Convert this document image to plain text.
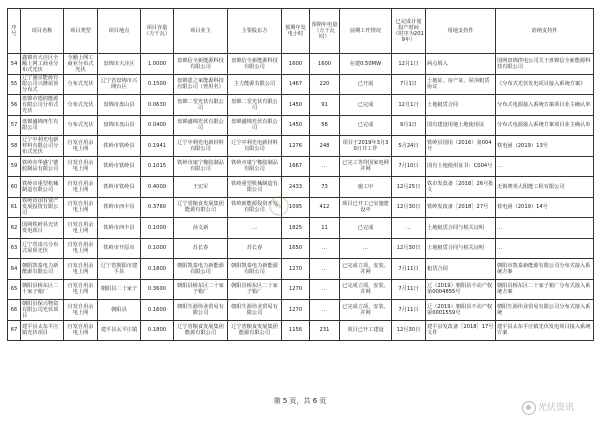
序号	项目名称	项目类型	项目地点	项目容量（万千瓦）	项目业主	主要股东方	预期年发电小时	预期年电量（万千瓦时）	前期工作情况	已完成计划投产时间（时序为2019年）	用地支持件	消纳支持件
54	鑫锦市大洼区全额上网工商业分布式光伏	全额上网工商业分布式光伏	盘锦市大洼区	1.0000	盘锦信全新能源科技有限公司	盘锦信全新能源科技有限公司	1600	1600	在建0.50MW	12月1日	两点填入	国网盘锦供电公司关于盘锦信全新能源科技有限公司
55	辽宁盛京能源有限公司兴隆屋顶分布式	分布式光伏	辽宁省盘锦市兴隆台区	0.1500	盘锦恩之家能源科技有限公司（曾用名）	主力能源有限公司	1467	220	已开展	7月1日	土地证、房产证、屋顶租赁协议	《分布式光伏发电项目接入系统方案》
56	盘锦市德润能源有限公司分布式光伏	分布式光伏	盘锦市盘山县	0.0630	盘锦二堂光伏有限公司	盘锦二堂光伏有限公司	1450	91	已完成	12月1日	土地租赁合同	分布式电源接入系统方案项目业主确认单
57	盘锦盛锦再生有限公司	分布式光伏	盘锦市盘山县	0.0400	盘锦盛锦光伏有限公司	盘锦盛锦光伏有限公司	1450	58	已完成	9月1日	国有建设用地土地使用证	分布式电源接入系统方案项目业主确认单
58	辽宁中利光电新材料有限公司分布式光伏	自发自用余电上网	铁岭市铁岭县	0.1941	辽宁中利光电新材料有限公司	辽宁中利光电新材料有限公司	1276	248	项目于2019年3月30日并工作	5月24日	铁岭县国用（2016）第004号	铁电函（2019）13号
59	铁岭市华盛宁德胶制品有限公司	自发自用余电上网	铁岭市铁岭县	0.1015	铁岭市康宁橡胶制品有限公司	铁岭市康宁橡胶制品有限公司	1667	…	已完工等待国家电网并网	7月10日	国有土地使用证书：C004号	…
60	铁岭市重型机械制造有限公司	自发自用余电上网	铁岭市铁岭县	0.4000	王宏军	铁岭重型机械制造有限公司	2433	73	施工中	12月25日	铁市发改备［2018］26号批文	无锡赛英大阳能工程有限公司
61	铁岭市国有资产发展投资有限公司	自发自用余电上网	铁岭市西丰县	0.3760	辽宁省粮食发展集团能源有限公司	铁岭新能源投资开发有限公司	1095	412	项目已开工已实施建设中	12月30日	铁岭发改备［2018］27号	铁电函（2019）14号
62	国网铁岭县光伏发电项目	自发自用余电上网	铁岭市西丰县	0.1000	孙文新	…	1825	11	已完成	…	土地租赁合同与相关证明	…
63	辽宁省凌兴分布式屋顶光伏	自发自用余电上网	铁岭市开原市	0.1000	苏长春	苏长春	1650	…	…	12月30日	土地租赁合同与相关证明	…
64	朝阳凯泰电力新能源有限公司	自发自用余电上网	辽宁省朝阳市建平县	0.1800	朝阳凯泰电力新能源有限公司	朝阳凯泰电力新能源有限公司	1270	…	已完成立项，安装、并网	7月11日	租赁合同	朝阳市凯泰新能源有限公司分布式接入系统方案
65	朝阳县桥东区二十家子箱厂	自发自用余电上网	朝阳县二十家子	0.3600	朝阳县桥东区二十家子箱厂	朝阳县桥东区二十家子箱厂	1270	…	已完成立项，安装、并网	7月11日	辽（2019）朝阳县不动产权第0004855号	朝阳县桥东区二十家子箱厂分布式接入系统方案
66	朝阳县保兴物资有限公司光伏项目	自发自用余电上网	朝阳县	0.1600	朝阳生源伟业贸易有限公司	朝阳生源伟业贸易有限公司	1270	…	已完成立项，安装、并网	7月11日	辽（2019）朝阳县不动产权第0001559号	朝阳生源伟业贸易有限公司分布式接入系统
67	建平县太东平庄镇光伏项目	自发自用余电上网	建平县太平庄镇	0.1800	辽宁省粮食发展集团能源有限公司	辽宁省粮食发展集团能源有限公司	1156	231	项目已开工建设	12月30日	建平县发改备［2018］17号文件	建平县太东平庄镇光伏发电项目接入系统方案
第 5 页，共 6 页
光伏资讯
